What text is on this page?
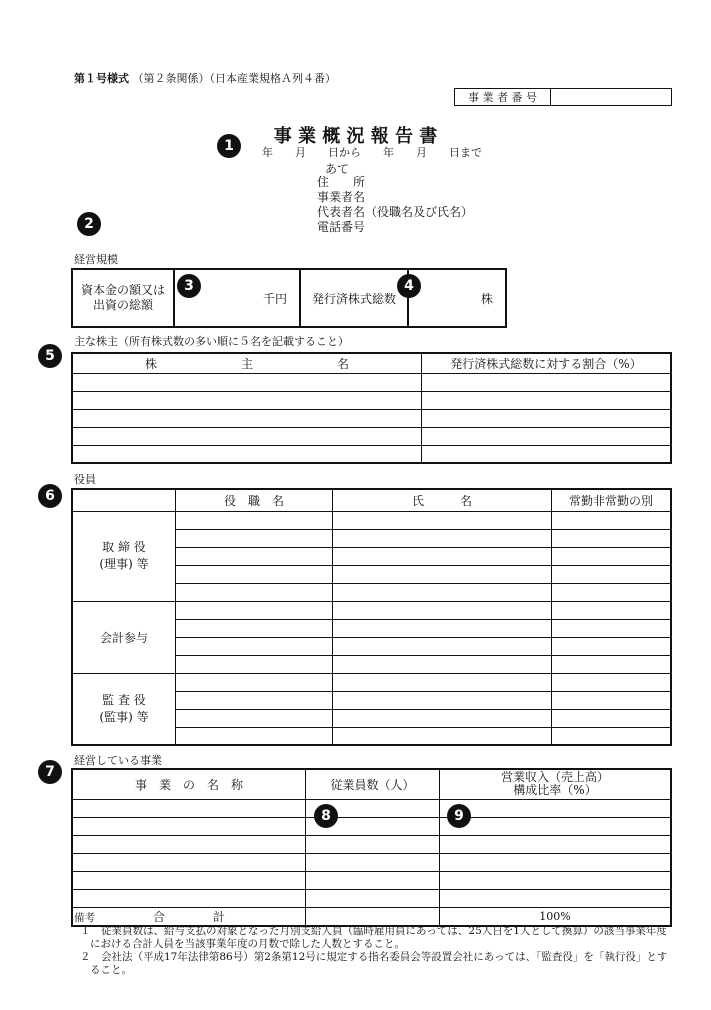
第１号様式 （第２条関係）（日本産業規格Ａ列４番）
事 業 者 番 号	
事 業 概 況 報 告 書
1	年　　月　　日から　　年　　月　　日まで
あて
住　　所
事業者名
代表者名（役職名及び氏名）
電話番号
2
経営規模
資本金の額又は出資の総額	千円	発行済株式総数	株
3	4
主な株主（所有株式数の多い順に５名を記載すること）
5	株　　　　　　　主　　　　　　　名	発行済株式総数に対する割合（%）

役員
6
		役　職　名	氏　　　名	常勤非常勤の別

取 締 役
(理事) 等			

会計参与			

監 査 役
(監事) 等			

経営している事業
7
事　業　の　名　称	従業員数（人）	営業収入（売上高）
構成比率（%）

合　　　　計		100%
8	9
備考
１　従業員数は、給与支払の対象となった月別支給人員（臨時雇用員にあっては、25人日を1人として換算）の該当事業年度における合計人員を当該事業年度の月数で除した人数とすること。
２　会社法（平成17年法律第86号）第2条第12号に規定する指名委員会等設置会社にあっては、「監査役」を「執行役」とすること。
